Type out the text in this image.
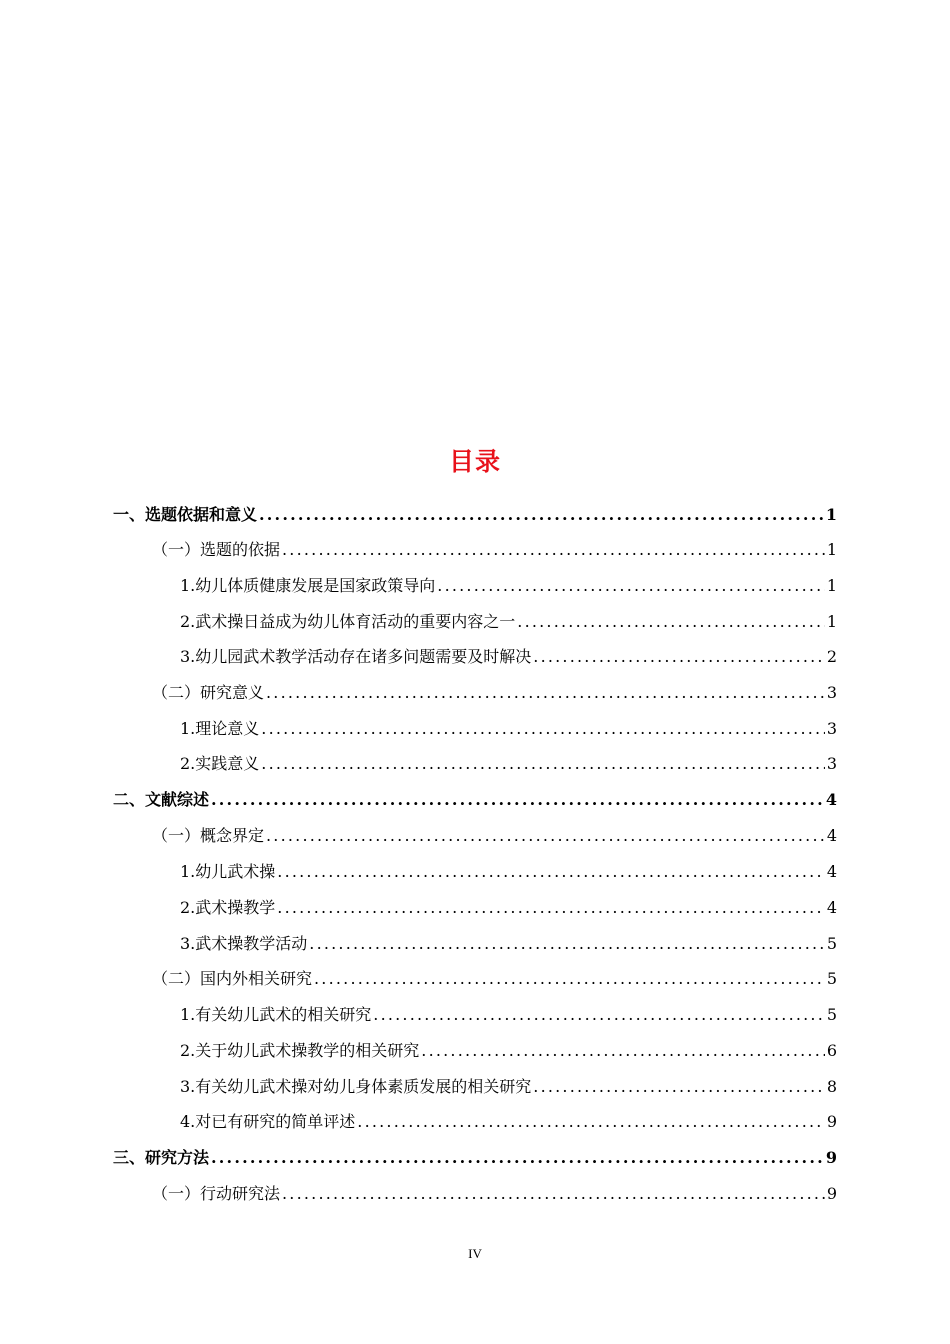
目录
一、选题依据和意义 .....	1
（一）选题的依据 .....	1
1.幼儿体质健康发展是国家政策导向 .....	1
2.武术操日益成为幼儿体育活动的重要内容之一 .....	1
3.幼儿园武术教学活动存在诸多问题需要及时解决 .....	2
（二）研究意义 .....	3
1.理论意义 .....	3
2.实践意义 .....	3
二、文献综述 .....	4
（一）概念界定 .....	4
1.幼儿武术操 .....	4
2.武术操教学 .....	4
3.武术操教学活动 .....	5
（二）国内外相关研究 .....	5
1.有关幼儿武术的相关研究 .....	5
2.关于幼儿武术操教学的相关研究 .....	6
3.有关幼儿武术操对幼儿身体素质发展的相关研究 .....	8
4.对已有研究的简单评述 .....	9
三、研究方法 .....	9
（一）行动研究法 .....	9
IV
